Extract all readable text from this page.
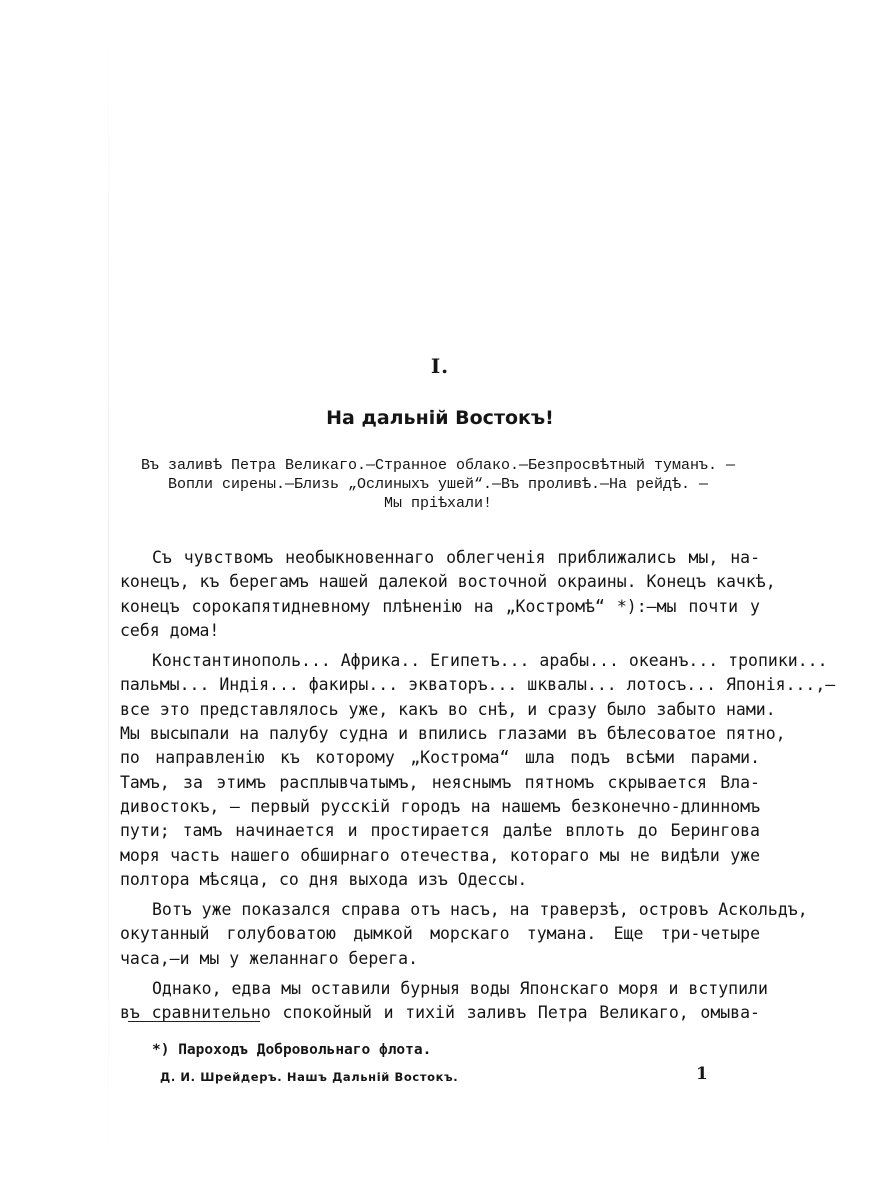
I.
На дальній Востокъ!
Въ заливѣ Петра Великаго.—Странное облако.—Безпросвѣтный туманъ. —
Вопли сирены.—Близь „Ослиныхъ ушей“.—Въ проливѣ.—На рейдѣ. —
Мы пріѣхали!
Съ чувствомъ необыкновеннаго облегченія приближались мы, на-
конецъ, къ берегамъ нашей далекой восточной окраины. Конецъ качкѣ,
конецъ сорокапятидневному плѣненію на „Костромѣ“ *):—мы почти у
себя дома!
Константинополь... Африка.. Египетъ... арабы... океанъ... тропики...
пальмы... Индія... факиры... экваторъ... шквалы... лотосъ... Японія...,—
все это представлялось уже, какъ во снѣ, и сразу было забыто нами.
Мы высыпали на палубу судна и впились глазами въ бѣлесоватое пятно,
по направленію къ которому „Кострома“ шла подъ всѣми парами.
Тамъ, за этимъ расплывчатымъ, неяснымъ пятномъ скрывается Вла-
дивостокъ, — первый русскій городъ на нашемъ безконечно-длинномъ
пути; тамъ начинается и простирается далѣе вплоть до Берингова
моря часть нашего обширнаго отечества, котораго мы не видѣли уже
полтора мѣсяца, со дня выхода изъ Одессы.
Вотъ уже показался справа отъ насъ, на траверзѣ, островъ Аскольдъ,
окутанный голубоватою дымкой морскаго тумана. Еще три-четыре
часа,—и мы у желаннаго берега.
Однако, едва мы оставили бурныя воды Японскаго моря и вступили
въ сравнительно спокойный и тихій заливъ Петра Великаго, омыва-
*) Пароходъ Добровольнаго флота.
Д. И. Шрейдеръ. Нашъ Дальній Востокъ.	1
